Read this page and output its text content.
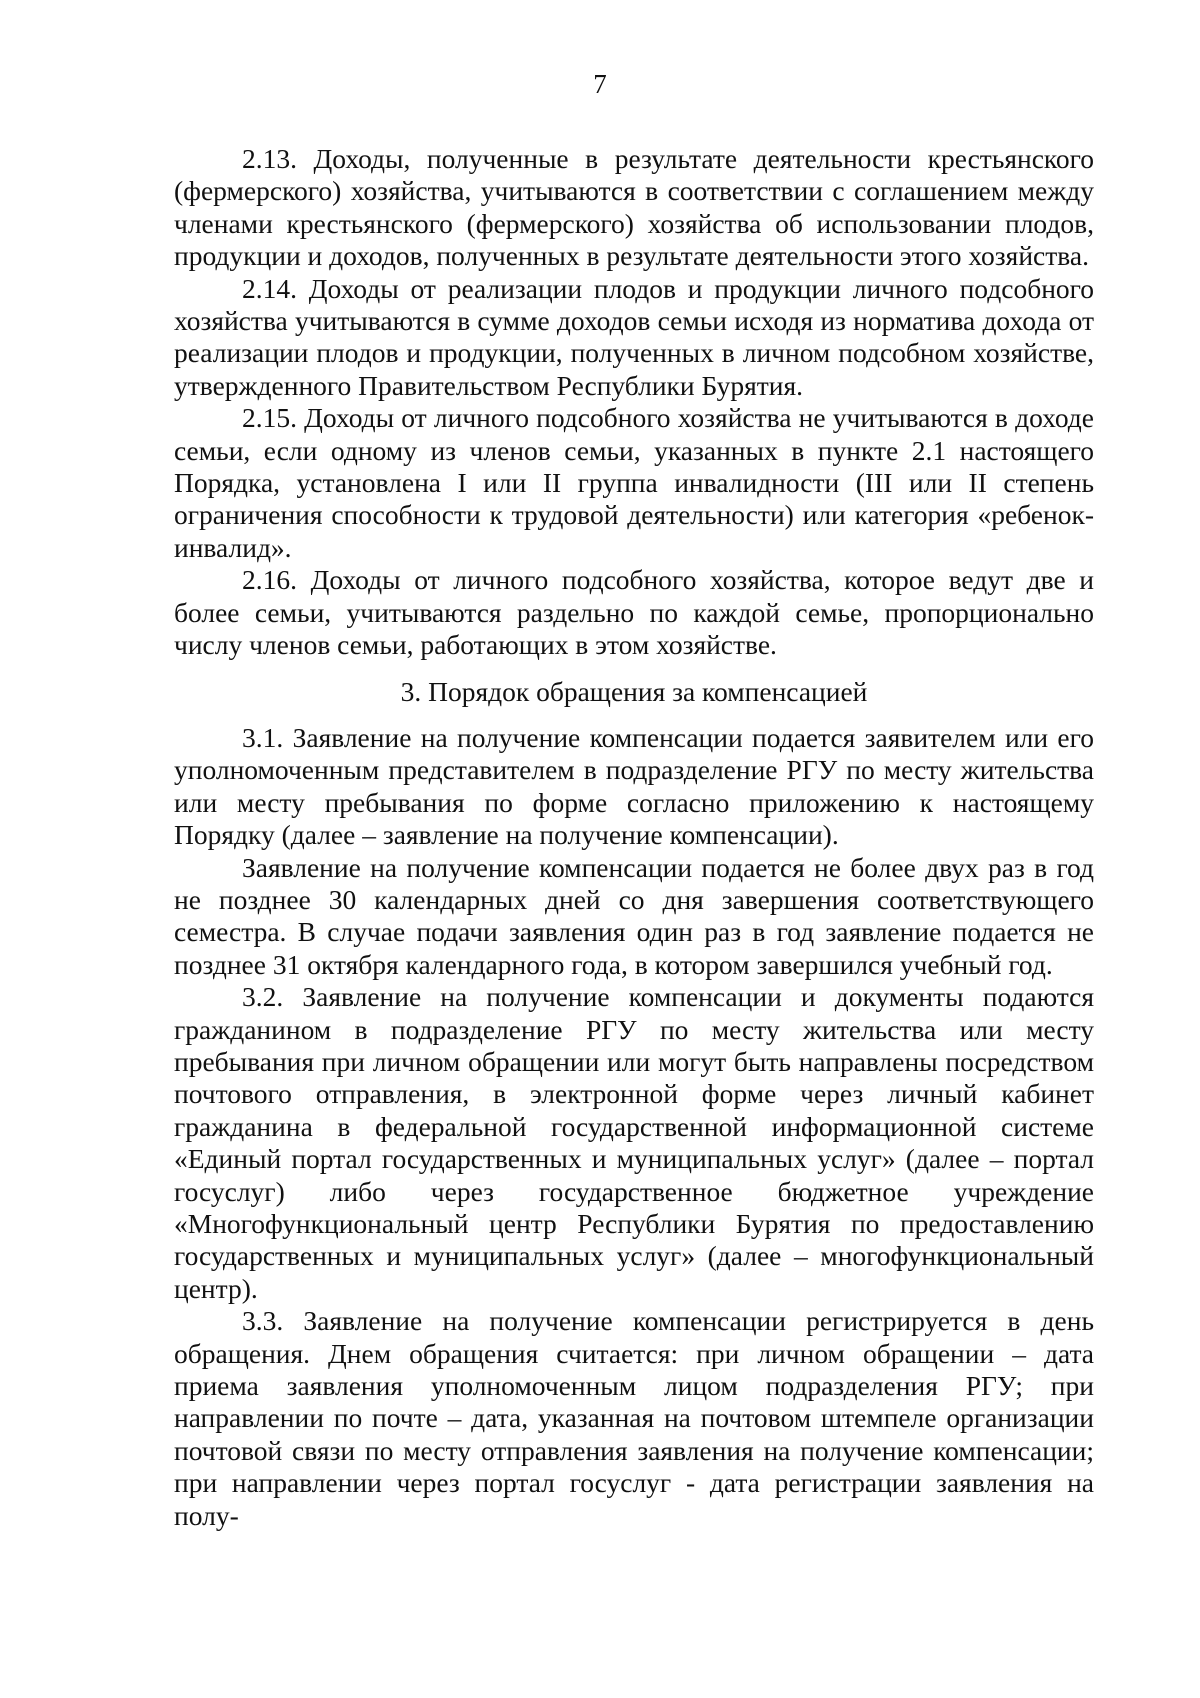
7

2.13. Доходы, полученные в результате деятельности крестьянского (фермерского) хозяйства, учитываются в соответствии с соглашением между членами крестьянского (фермерского) хозяйства об использовании плодов, продукции и доходов, полученных в результате деятельности этого хозяйства.

2.14. Доходы от реализации плодов и продукции личного подсобного хозяйства учитываются в сумме доходов семьи исходя из норматива дохода от реализации плодов и продукции, полученных в личном подсобном хозяйстве, утвержденного Правительством Республики Бурятия.

2.15. Доходы от личного подсобного хозяйства не учитываются в доходе семьи, если одному из членов семьи, указанных в пункте 2.1 настоящего Порядка, установлена I или II группа инвалидности (III или II степень ограничения способности к трудовой деятельности) или категория «ребенок-инвалид».

2.16. Доходы от личного подсобного хозяйства, которое ведут две и более семьи, учитываются раздельно по каждой семье, пропорционально числу членов семьи, работающих в этом хозяйстве.

3. Порядок обращения за компенсацией

3.1. Заявление на получение компенсации подается заявителем или его уполномоченным представителем в подразделение РГУ по месту жительства или месту пребывания по форме согласно приложению к настоящему Порядку (далее – заявление на получение компенсации).

Заявление на получение компенсации подается не более двух раз в год не позднее 30 календарных дней со дня завершения соответствующего семестра. В случае подачи заявления один раз в год заявление подается не позднее 31 октября календарного года, в котором завершился учебный год.

3.2. Заявление на получение компенсации и документы подаются гражданином в подразделение РГУ по месту жительства или месту пребывания при личном обращении или могут быть направлены посредством почтового отправления, в электронной форме через личный кабинет гражданина в федеральной государственной информационной системе «Единый портал государственных и муниципальных услуг» (далее – портал госуслуг) либо через государственное бюджетное учреждение «Многофункциональный центр Республики Бурятия по предоставлению государственных и муниципальных услуг» (далее – многофункциональный центр).

3.3. Заявление на получение компенсации регистрируется в день обращения. Днем обращения считается: при личном обращении – дата приема заявления уполномоченным лицом подразделения РГУ; при направлении по почте – дата, указанная на почтовом штемпеле организации почтовой связи по месту отправления заявления на получение компенсации; при направлении через портал госуслуг - дата регистрации заявления на полу-
